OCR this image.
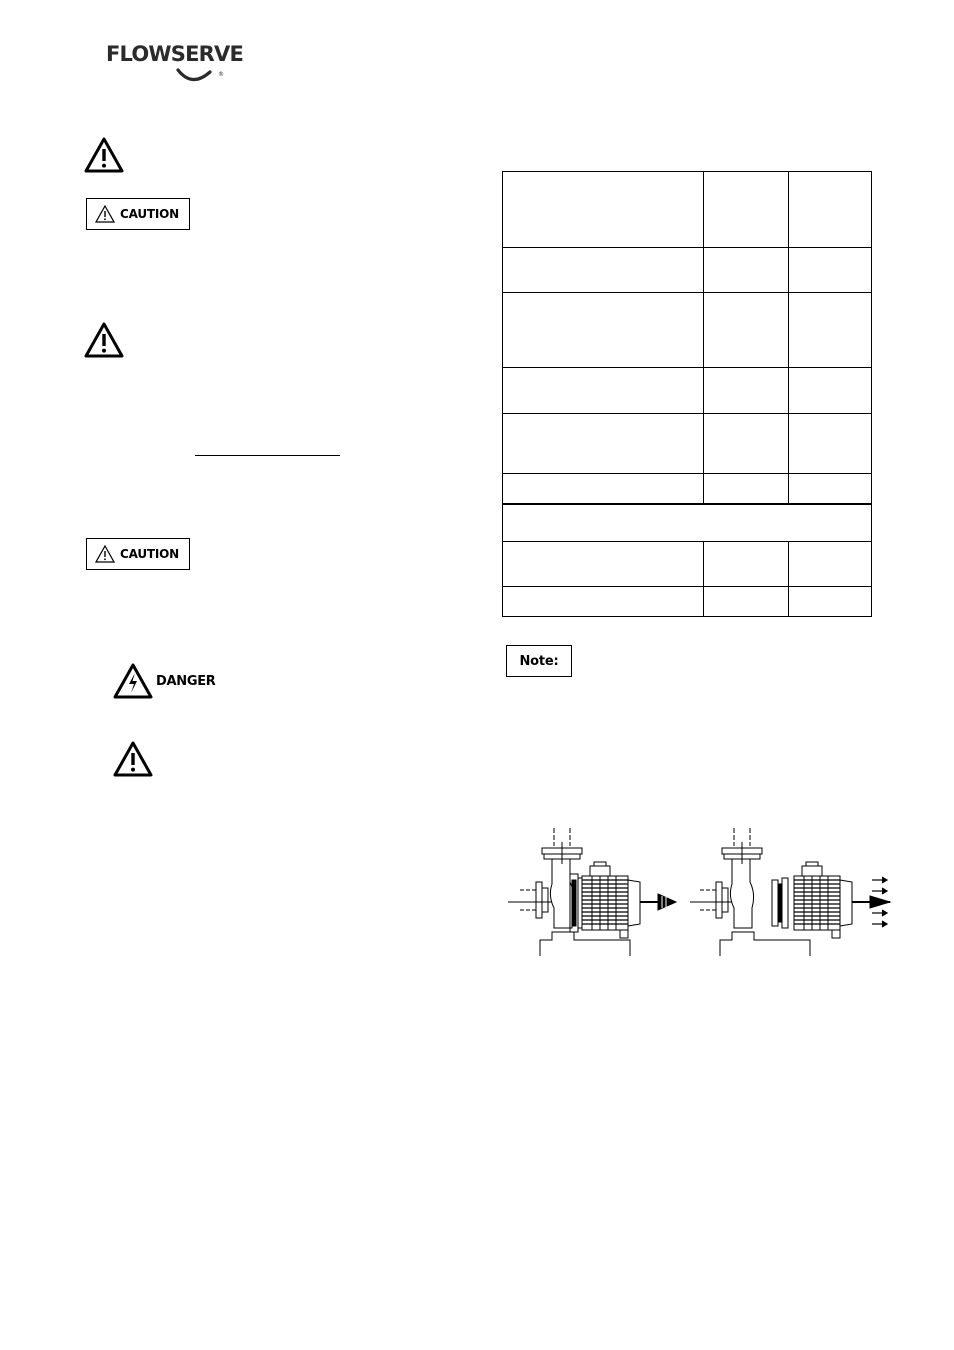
FLOWSERVE
®
CAUTION
CAUTION
DANGER
Note:
